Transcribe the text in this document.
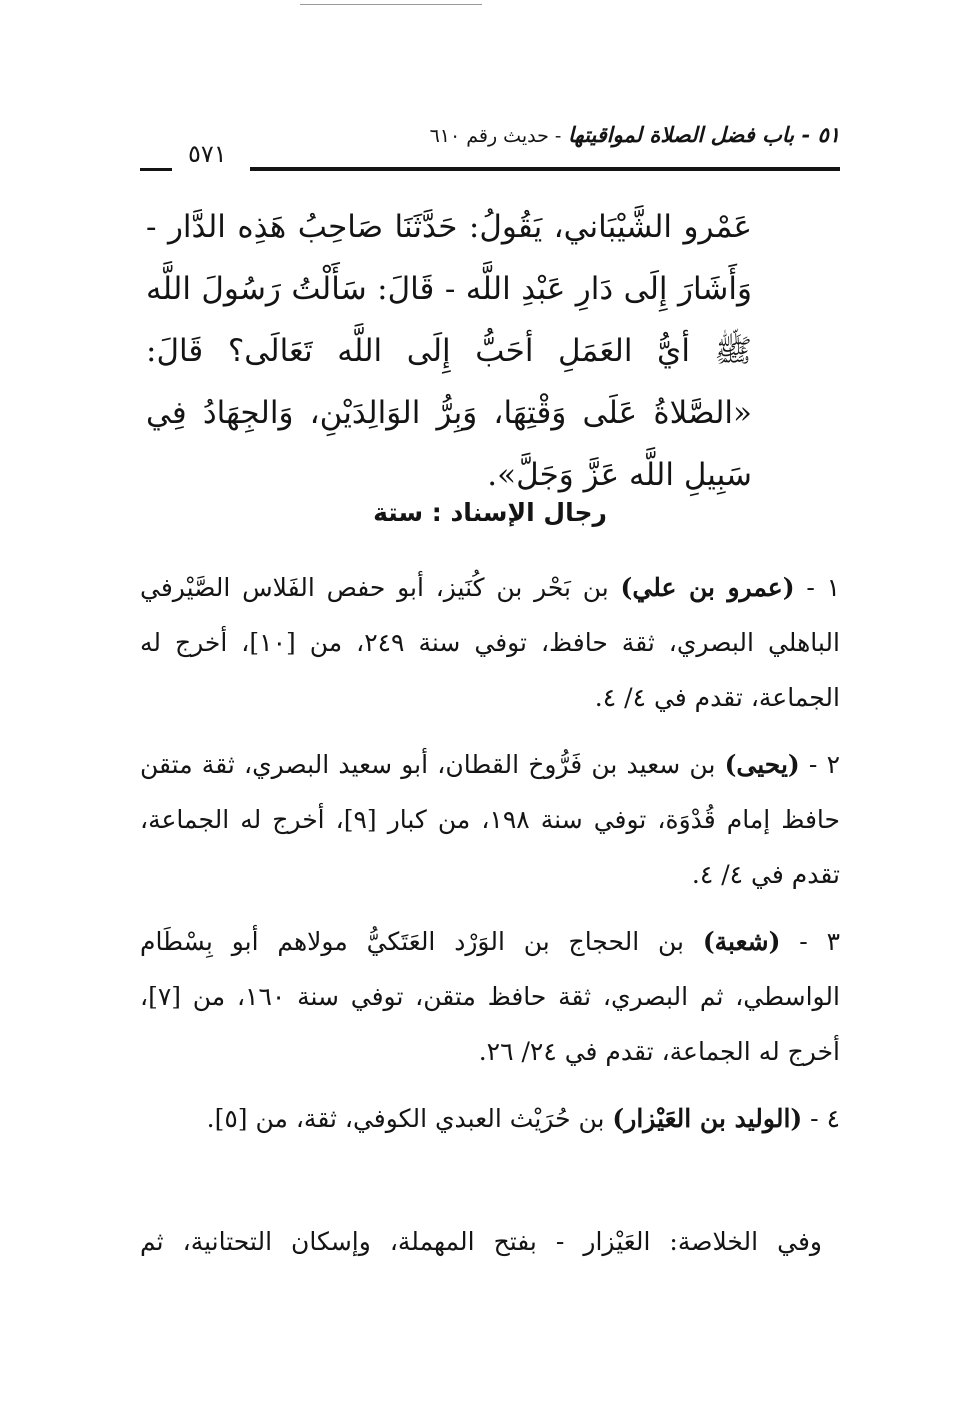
٥١ - باب فضل الصلاة لمواقيتها - حديث رقم ٦١٠
٥٧١

عَمْرو الشَّيْبَاني، يَقُولُ: حَدَّثَنَا صَاحِبُ هَذِه الدَّار - وَأَشَارَ إِلَى دَارِ عَبْدِ اللَّه - قَالَ: سَأَلْتُ رَسُولَ اللَّه ﷺ أيُّ العَمَلِ أحَبُّ إِلَى اللَّه تَعَالَى؟ قَالَ: «الصَّلاةُ عَلَى وَقْتِهَا، وَبِرُّ الوَالِدَيْنِ، وَالجِهَادُ فِي سَبِيلِ اللَّه عَزَّ وَجَلَّ».

رجال الإسناد : ستة

١ - (عمرو بن علي) بن بَحْر بن كُنَيز، أبو حفص الفَلاس الصَّيْرفي الباهلي البصري، ثقة حافظ، توفي سنة ٢٤٩، من [١٠]، أخرج له الجماعة، تقدم في ٤/ ٤.

٢ - (يحيى) بن سعيد بن فَرُّوخ القطان، أبو سعيد البصري، ثقة متقن حافظ إمام قُدْوَة، توفي سنة ١٩٨، من كبار [٩]، أخرج له الجماعة، تقدم في ٤/ ٤.

٣ - (شعبة) بن الحجاج بن الوَرْد العَتَكيُّ مولاهم أبو بِسْطَام الواسطي، ثم البصري، ثقة حافظ متقن، توفي سنة ١٦٠، من [٧]، أخرج له الجماعة، تقدم في ٢٤/ ٢٦.

٤ - (الوليد بن العَيْزار) بن حُرَيْث العبدي الكوفي، ثقة، من [٥].

وفي الخلاصة: العَيْزار - بفتح المهملة، وإسكان التحتانية، ثم
